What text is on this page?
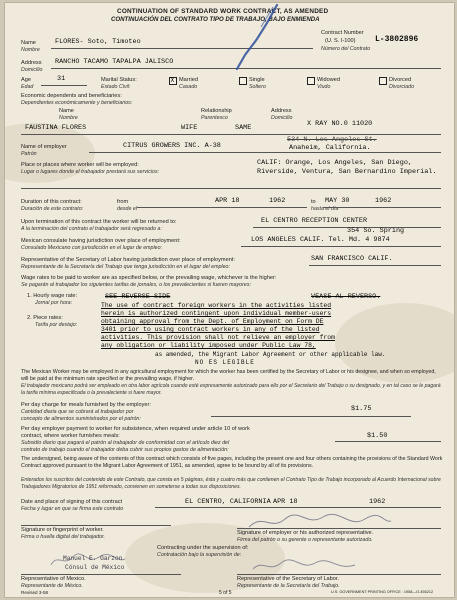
CONTINUATION OF STANDARD WORK CONTRACT, AS AMENDED
CONTINUACIÓN DEL CONTRATO TIPO DE TRABAJO, BAJO ENMIENDA
Contract Number
(U. S. I-100)
Número del Contrato
L-3802896
Name
Nombre
FLORES- Soto, Timoteo
Address
Domicilio
RANCHO TACAMO TAPALPA JALISCO
Age
Edad
31	Marital Status:
Estado Civil:
X
Married
Casado
Single
Soltero
Widowed
Viudo
Divorced
Divorciado
Economic dependents and beneficiaries:
Dependientes económicamente y beneficiarios:
Name
Nombre
Relationship
Parentesco
Address
Domicilio
FAUSTINA FLORES	WIFE	SAME	X RAY NO.0 11020
Name of employer
Patrón
CITRUS GROWERS INC. A-38
534 N. Los Angeles St.
Anaheim, California.
Place or places where worker will be employed:
Lugar o lugares donde el trabajador prestará sus servicios:
CALIF: Orange, Los Angeles, San Diego,
Riverside, Ventura, San Bernardino Imperial.
Duration of this contract:
Duración de este contrato:
from
desde el
APR 18	1962	to
hasta el día
MAY 30	1962
Upon termination of this contract the worker will be returned to:
A la terminación del contrato el trabajador será regresado a:
EL CENTRO RECEPTION CENTER
354 So. Spring
Mexican consulate having jurisdiction over place of employment:
Consulado Mexicano con jurisdicción en el lugar de empleo:
LOS ANGELES CALIF. Tel. Md. 4 9874
Representative of the Secretary of Labor having jurisdiction over place of employment:
Representante de la Secretaría del Trabajo que tenga jurisdicción en el lugar del empleo:
SAN FRANCISCO CALIF.
Wage rates to be paid to worker are as specified below, or the prevailing wage, whichever is the higher:
Se pagarán al trabajador los siguientes tarifas de jornales, o los prevalecientes si fueren mayores:
1. Hourly wage rate:
Jornal por hora:
SEE REVERSE SIDE	VEASE AL REVERSO.
2. Piece rates:
Tarifa por destajo:
The use of contract foreign workers in the activities listed
herein is authorized contingent upon individual member-users
obtaining approval from the Dept. of Employment on Form DE
3401 prior to using contract workers in any of the listed
activities. This provision shall not relieve an employer from
any obligation or liability imposed under Public Law 78,
as amended, the Migrant Labor Agreement or other applicable law.
NO ES LEGIBLE
The Mexican Worker may be employed in any agricultural employment for which the worker has been certified by the Secretary of Labor or his designee, and when so employed, will be paid at the minimum rate specified or the prevailing wage, if higher.
El trabajador mexicano podrá ser empleado en otra labor agrícola cuando esté expresamente autorizado para ello por el Secretario del Trabajo o su designado, y en tal caso se le pagará la tarifa mínima especificada o la prevaleciente si fuere mayor.
Per day charge for meals furnished by the employer:
Cantidad diaria que se cobrará al trabajador por
concepto de alimentos suministrados por el patrón:
$1.75
Per day employer payment to worker for subsistence, when required under article 10 of work
contract, where worker furnishes meals:
Subsidio diario que pagará el patrón al trabajador de conformidad con el artículo diez del
contrato de trabajo cuando el trabajador deba cubrir sus propios gastos de alimentación:
$1.50
The undersigned, being aware of the contents of this contract which consists of five pages, including the present one and four others containing the provisions of the Standard Work Contract approved pursuant to the Migrant Labor Agreement of 1951, as amended, agree to be bound by all of its provisions.
Enterados los suscritos del contenido de este Contrato, que consta en 5 páginas, ésta y cuatro más que contienen el Contrato Tipo de Trabajo incorporado al Acuerdo Internacional sobre Trabajadores Migratorios de 1951 reformado, convienen en someterse a todas sus disposiciones.
Date and place of signing of this contract
Fecha y lugar en que se firma este contrato
EL CENTRO, CALIFORNIA APR 18	1962
Signature or fingerprint of worker.
Firma o huella digital del trabajador.
Signature of employer or his authorized representative.
Firma del patrón o su gerente o representante autorizado.
Contracting under the supervision of:
Contratación bajo la supervisión de:
Manuel E. Garzon
Cónsul de México
Representative of Mexico.
Representante de México.
Representative of the Secretary of Labor.
Representante de la Secretaría del Trabajo.
Revised 3-58	5 of 5	U.S. GOVERNMENT PRINTING OFFICE : 1958—O-455212
